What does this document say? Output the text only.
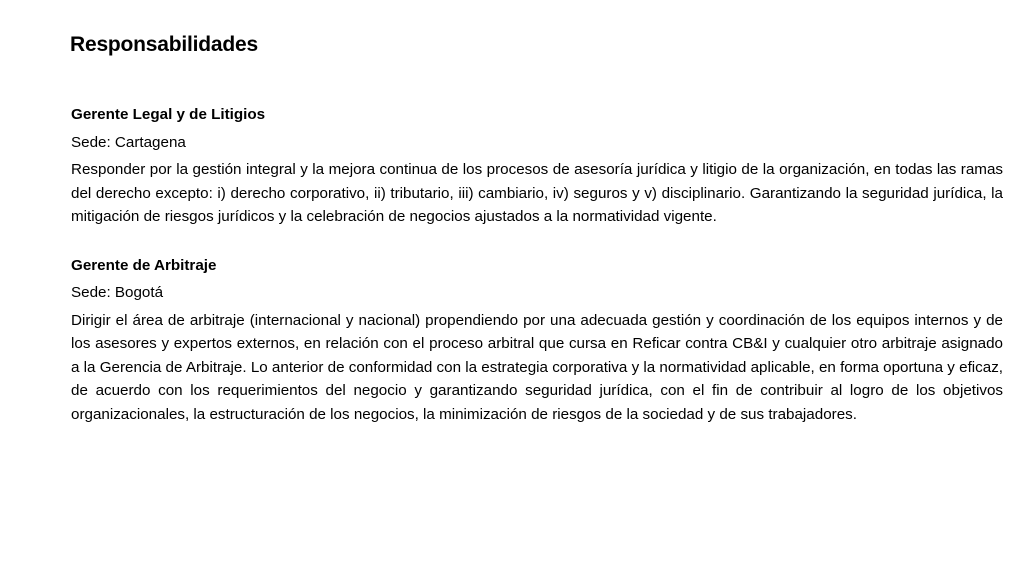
Responsabilidades

Gerente Legal y de Litigios

Sede: Cartagena

Responder por la gestión integral y la mejora continua de los procesos de asesoría jurídica y litigio de la organización, en todas las ramas del derecho excepto: i) derecho corporativo, ii) tributario, iii) cambiario, iv) seguros y v) disciplinario. Garantizando la seguridad jurídica, la mitigación de riesgos jurídicos y la celebración de negocios ajustados a la normatividad vigente.

Gerente de Arbitraje

Sede: Bogotá

Dirigir el área de arbitraje (internacional y nacional) propendiendo por una adecuada gestión y coordinación de los equipos internos y de los asesores y expertos externos, en relación con el proceso arbitral que cursa en Reficar contra CB&I y cualquier otro arbitraje asignado a la Gerencia de Arbitraje. Lo anterior de conformidad con la estrategia corporativa y la normatividad aplicable, en forma oportuna y eficaz, de acuerdo con los requerimientos del negocio y garantizando seguridad jurídica, con el fin de contribuir al logro de los objetivos organizacionales, la estructuración de los negocios, la minimización de riesgos de la sociedad y de sus trabajadores.
